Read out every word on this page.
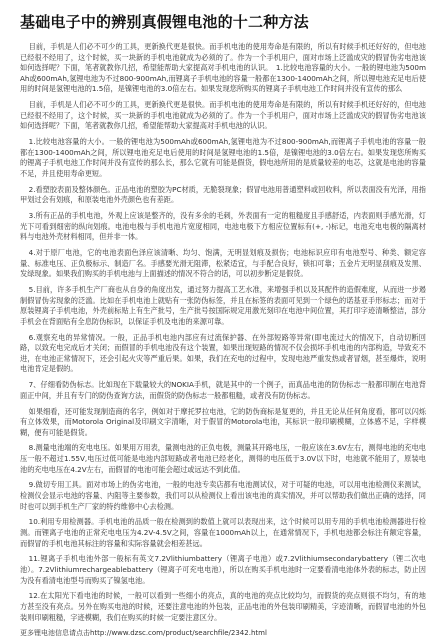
基础电子中的辨别真假锂电池的十二种方法

目前，手机是人们必不可少的工具，更新换代更是很快。而手机电池的使用寿命是有限的，所以有时候手机还好好的，但电池已经很不经用了，这个时候，买一块新的手机电池就成为必须的了。作为一个手机用户，面对市场上泛滥成灾的假冒伪劣电池该如何选择呢？下面，笔者就教你几招，希望能帮助大家提高对手机电池的认识。　1.比较电池容量的大小。一般的锂电池为500mAh或600mAh,氢锂电池为不过800-900mAh,而锂离子手机电池的容量一般都在1300-1400mAh之间，所以锂电池充足电后使用的时间是氢锂电池的1.5倍，是镍锂电池的3.0倍左右。如果发现您所购买的锂离子手机电池工作时间并没有宣传的那么

目前，手机是人们必不可少的工具，更新换代更是很快。而手机电池的使用寿命是有限的，所以有时候手机还好好的，但电池已经很不经用了，这个时候，买一块新的手机电池就成为必须的了。作为一个手机用户，面对市场上泛滥成灾的假冒伪劣电池该如何选择呢？下面，笔者就教你几招，希望能帮助大家提高对手机电池的认识。

1.比较电池容量的大小。一般的锂电池为500mAh或600mAh,氢锂电池为不过800-900mAh,而锂离子手机电池的容量一般都在1300-1400mAh之间，所以锂电池充足电后使用的时间是氢锂电池的1.5倍，是镍锂电池的3.0倍左右。如果发现您所购买的锂离子手机电池工作时间并没有宣传的那么长，那么它就有可能是假货，假电池所用的是质量较差的电芯，这就是电池的容量不足，并且使用寿命更短。

2.看塑胶表面及整体颜色。正品电池的塑胶为PC材质，无脆裂现象；假冒电池用普通塑料或回收料，所以表面没有光泽，用指甲划过会有划痕，和原装电池外壳颜色也有差距。

3.所有正品的手机电池，外观上应该是整齐的，没有多余的毛刺，外表面有一定的粗糙度且手感舒适，内表面则手感光滑，灯光下可看到细密的纵向划痕。电池电极与手机电池片宽度相同，电池电极下方相应位置标有(+, -)标记，电池充电电极的隔离材料与电池外壳材料相同，但并非一体。

4.对于原厂电池，它的电池表面色泽应该清晰、均匀、饱满，无明显划痕及损伤；电池标识应印有电池型号、种类、额定容量、标准电压、正负极标示、制造厂名。手感要光滑无阻滞，松紧适宜，与手配合良好，锁扣可靠；五金片无明显刮痕及发黑、发绿现象。如果我们购买的手机电池与上面描述的情况不符合的话，可以初步断定是假货。

5.目前，许多手机生产厂商也从自身的角度出发，通过努力提高工艺水准，来增强手机以及其配件的造假难度，从而进一步遏制假冒伪劣现象的泛滥。比如在手机电池上就贴有一张防伪标签，并且在标签的表面可见到一个绿色的诺基亚手形标志；而对于原装锂离子手机电池，外壳前标贴上有生产批号，生产批号按国际规定用激光刻印在电池中间位置，其打印字迹清晰整洁，部分手机会在背面贴有全息防伪标识，以保证手机及电池的来源可靠。

6.观察充电的异常情况。一般，正品手机电池内部应有过流保护器、在外部短路等异常(即电流过大的情况下，自动切断回路，以致充电完成后才关闭；而假冒的手机电池没有这个装置，如果出现短路的情况不仅会损坏手机电池的内部构造，导致充不进，在电池正常情况下，还会引起火灾等严重后果。如果，我们在充电的过程中，发现电池严重发热或者冒烟，甚至爆炸，说明电池肯定是假的。

7、仔细看防伪标志。比如现在下载量较大的NOKIA手机，就是其中的一个例子，而真品电池的防伪标志一般都印制在电池背面正中间，并且有专门的防伪查询方法，而假货的防伪标志一般都粗糙，或者没有防伪标志。

如果细看，还可能发现制造商的名字，例如对于摩托罗拉电池，它的防伪商标是复更的，并且无论从任何角度看，都可以闪烁有立体效果，而Motorola Original及印刷文字清晰，对于假冒的Motorola电池，其标识一般印刷模糊，立体感不足，字样模糊，便有可能是假货。

8.测量电池端的充电电压。如果用万用表，量测电池的正负电极，测量其开路电压，一般应该在3.6V左右，测得电池的充电电压一般不超过1.55V,电压过低可能是电池内部短路或者电池已经老化，测得的电压低于3.0V以下时，电池就不能用了，原装电池的充电电压在4.2V左右，而假冒的电池可能会超过或远达不到此值。

9.做切专用工具。面对市场上的伪劣电池，一般的电池专卖店都有电池测试仪，对于可疑的电池，可以用电池检测仪来测试，检测仪会显示电池的容量、内阻等主要参数，我们可以从检测仪上看出该电池的真实情况，并可以帮助我们做出正确的选择，同时也可以到手机生产厂家的特约维修中心去检测。

10.利用专用检测器。手机电池的品质一般在检测到的数值上就可以表现出来，这个时候可以用专用的手机电池检测器进行检测。而锂离子电池的正常充电电压为4.2V-4.5V之间，容量在1000mAh以上，在通常情况下，手机电池都会标注有额定容量，而假冒的手机电池其标注的容量和实际容量就会相差甚远。

11.锂离子手机电池外部一般标有英文7.2Vlithiumbattery（锂离子电池）或7.2Vlithiumsecondarybattery（锂二次电池）。7.2Vlithiumrechargeablebattery（锂离子可充电电池），所以在购买手机电池时一定要看清电池体外表的标志，防止因为没有看清电池型号而购买了镍氢电池。

12.在太阳光下看电池的时候，一般可以看到一些细小的亮点，真的电池的亮点比较均匀，而假货的亮点则很不均匀，有的地方甚至没有亮点。另外在购买电池的时候，还要注意电池的外包装，正品电池的外包装印刷精美，字迹清晰，而假冒电池的外包装则印刷粗糙，字迹模糊，我们在购买的时候一定要注意区分。

更多锂电池信息请点击http://www.dzsc.com/product/searchfile/2342.html
